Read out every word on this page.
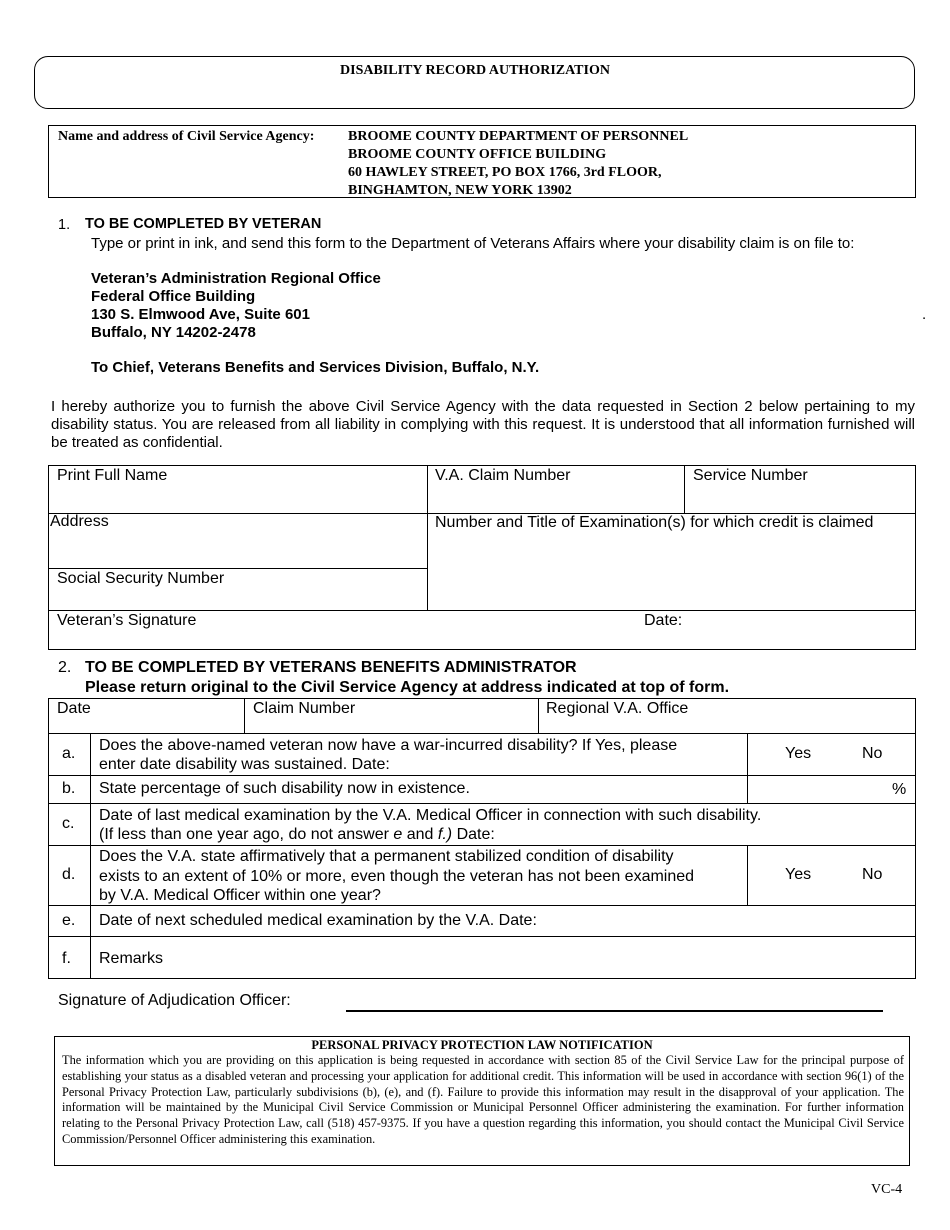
DISABILITY RECORD AUTHORIZATION
Name and address of Civil Service Agency: BROOME COUNTY DEPARTMENT OF PERSONNEL
BROOME COUNTY OFFICE BUILDING
60 HAWLEY STREET, PO BOX 1766, 3rd FLOOR,
BINGHAMTON, NEW YORK 13902
1. TO BE COMPLETED BY VETERAN
Type or print in ink, and send this form to the Department of Veterans Affairs where your disability claim is on file to:
Veteran’s Administration Regional Office
Federal Office Building
130 S. Elmwood Ave, Suite 601
Buffalo, NY 14202-2478
.
To Chief, Veterans Benefits and Services Division, Buffalo, N.Y.
I hereby authorize you to furnish the above Civil Service Agency with the data requested in Section 2 below pertaining to my disability status. You are released from all liability in complying with this request. It is understood that all information furnished will be treated as confidential.
Print Full Name	V.A. Claim Number	Service Number
Address	Number and Title of Examination(s) for which credit is claimed
Social Security Number
Veteran’s Signature	Date:
2. TO BE COMPLETED BY VETERANS BENEFITS ADMINISTRATOR
Please return original to the Civil Service Agency at address indicated at top of form.
Date	Claim Number	Regional V.A. Office
a. Does the above-named veteran now have a war-incurred disability? If Yes, please
enter date disability was sustained. Date:
Yes	No
b. State percentage of such disability now in existence.	%
c. Date of last medical examination by the V.A. Medical Officer in connection with such disability.
(If less than one year ago, do not answer e and f.) Date:
d.
Does the V.A. state affirmatively that a permanent stabilized condition of disability
exists to an extent of 10% or more, even though the veteran has not been examined
by V.A. Medical Officer within one year?
Yes	No
e. Date of next scheduled medical examination by the V.A. Date:
f. Remarks
Signature of Adjudication Officer:
PERSONAL PRIVACY PROTECTION LAW NOTIFICATION
The information which you are providing on this application is being requested in accordance with section 85 of the Civil Service Law for the principal purpose of establishing your status as a disabled veteran and processing your application for additional credit. This information will be used in accordance with section 96(1) of the Personal Privacy Protection Law, particularly subdivisions (b), (e), and (f). Failure to provide this information may result in the disapproval of your application. The information will be maintained by the Municipal Civil Service Commission or Municipal Personnel Officer administering the examination. For further information relating to the Personal Privacy Protection Law, call (518) 457-9375. If you have a question regarding this information, you should contact the Municipal Civil Service Commission/Personnel Officer administering this examination.
VC-4
